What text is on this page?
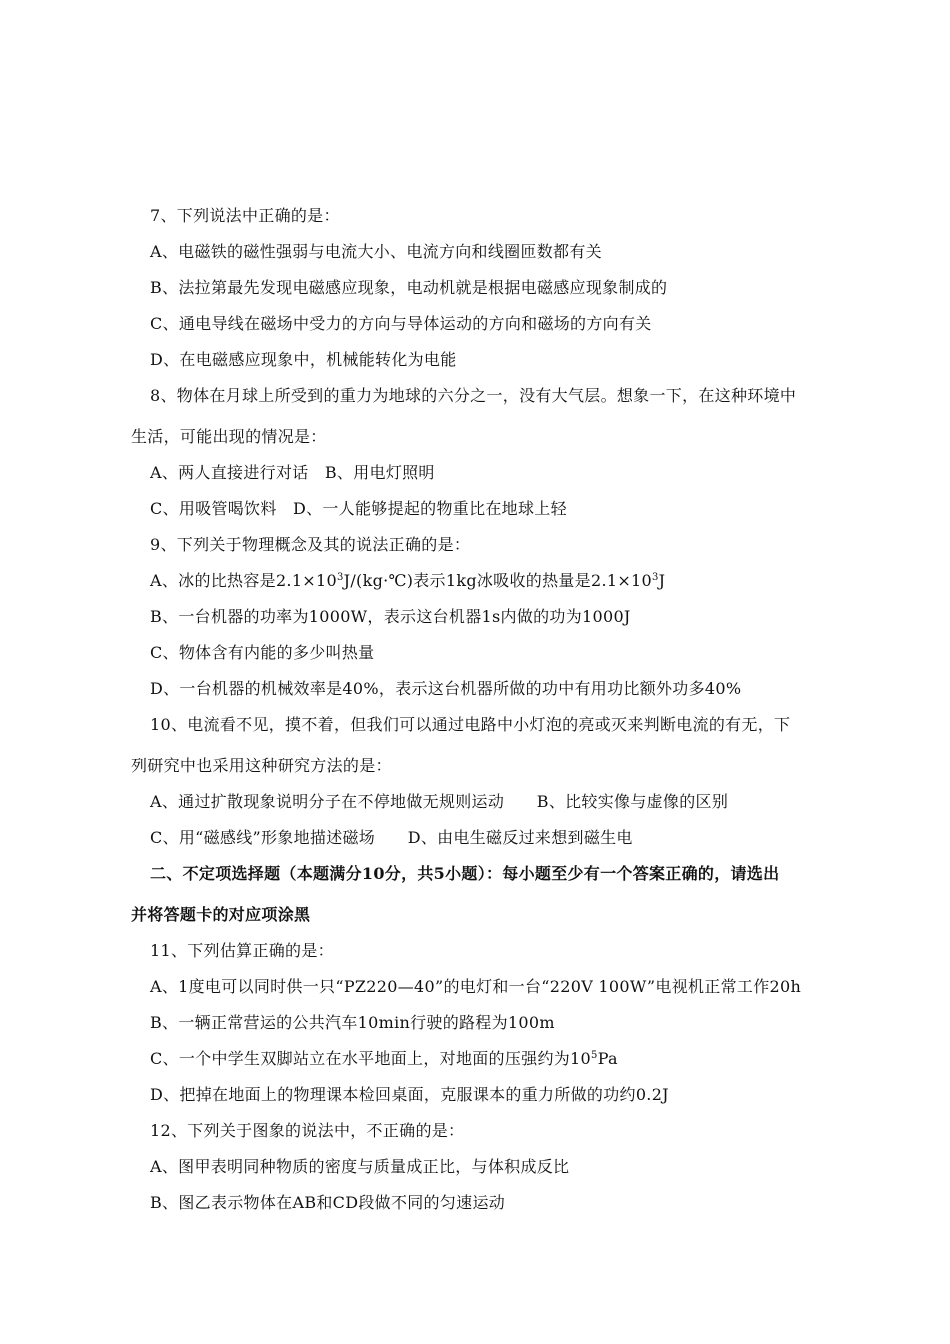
7、下列说法中正确的是：
A、电磁铁的磁性强弱与电流大小、电流方向和线圈匝数都有关
B、法拉第最先发现电磁感应现象，电动机就是根据电磁感应现象制成的
C、通电导线在磁场中受力的方向与导体运动的方向和磁场的方向有关
D、在电磁感应现象中，机械能转化为电能
8、物体在月球上所受到的重力为地球的六分之一，没有大气层。想象一下，在这种环境中
生活，可能出现的情况是：
A、两人直接进行对话　B、用电灯照明
C、用吸管喝饮料　D、一人能够提起的物重比在地球上轻
9、下列关于物理概念及其的说法正确的是：
A、冰的比热容是$2.1\times 10^3J/(kg\cdot℃)$表示1kg冰吸收的热量是$2.1\times 10^3J$
B、一台机器的功率为1000W，表示这台机器1s内做的功为1000J
C、物体含有内能的多少叫热量
D、一台机器的机械效率是40%，表示这台机器所做的功中有用功比额外功多40%
10、电流看不见，摸不着，但我们可以通过电路中小灯泡的亮或灭来判断电流的有无，下
列研究中也采用这种研究方法的是：
A、通过扩散现象说明分子在不停地做无规则运动　　B、比较实像与虚像的区别
C、用“磁感线”形象地描述磁场　　D、由电生磁反过来想到磁生电
二、不定项选择题（本题满分10分，共5小题）：每小题至少有一个答案正确的，请选出
并将答题卡的对应项涂黑
11、下列估算正确的是：
A、1度电可以同时供一只“PZ220—40”的电灯和一台“220V 100W”电视机正常工作20h
B、一辆正常营运的公共汽车10min行驶的路程为100m
C、一个中学生双脚站立在水平地面上，对地面的压强约为$10^5Pa$
D、把掉在地面上的物理课本检回桌面，克服课本的重力所做的功约0.2J
12、下列关于图象的说法中，不正确的是：
A、图甲表明同种物质的密度与质量成正比，与体积成反比
B、图乙表示物体在AB和CD段做不同的匀速运动
